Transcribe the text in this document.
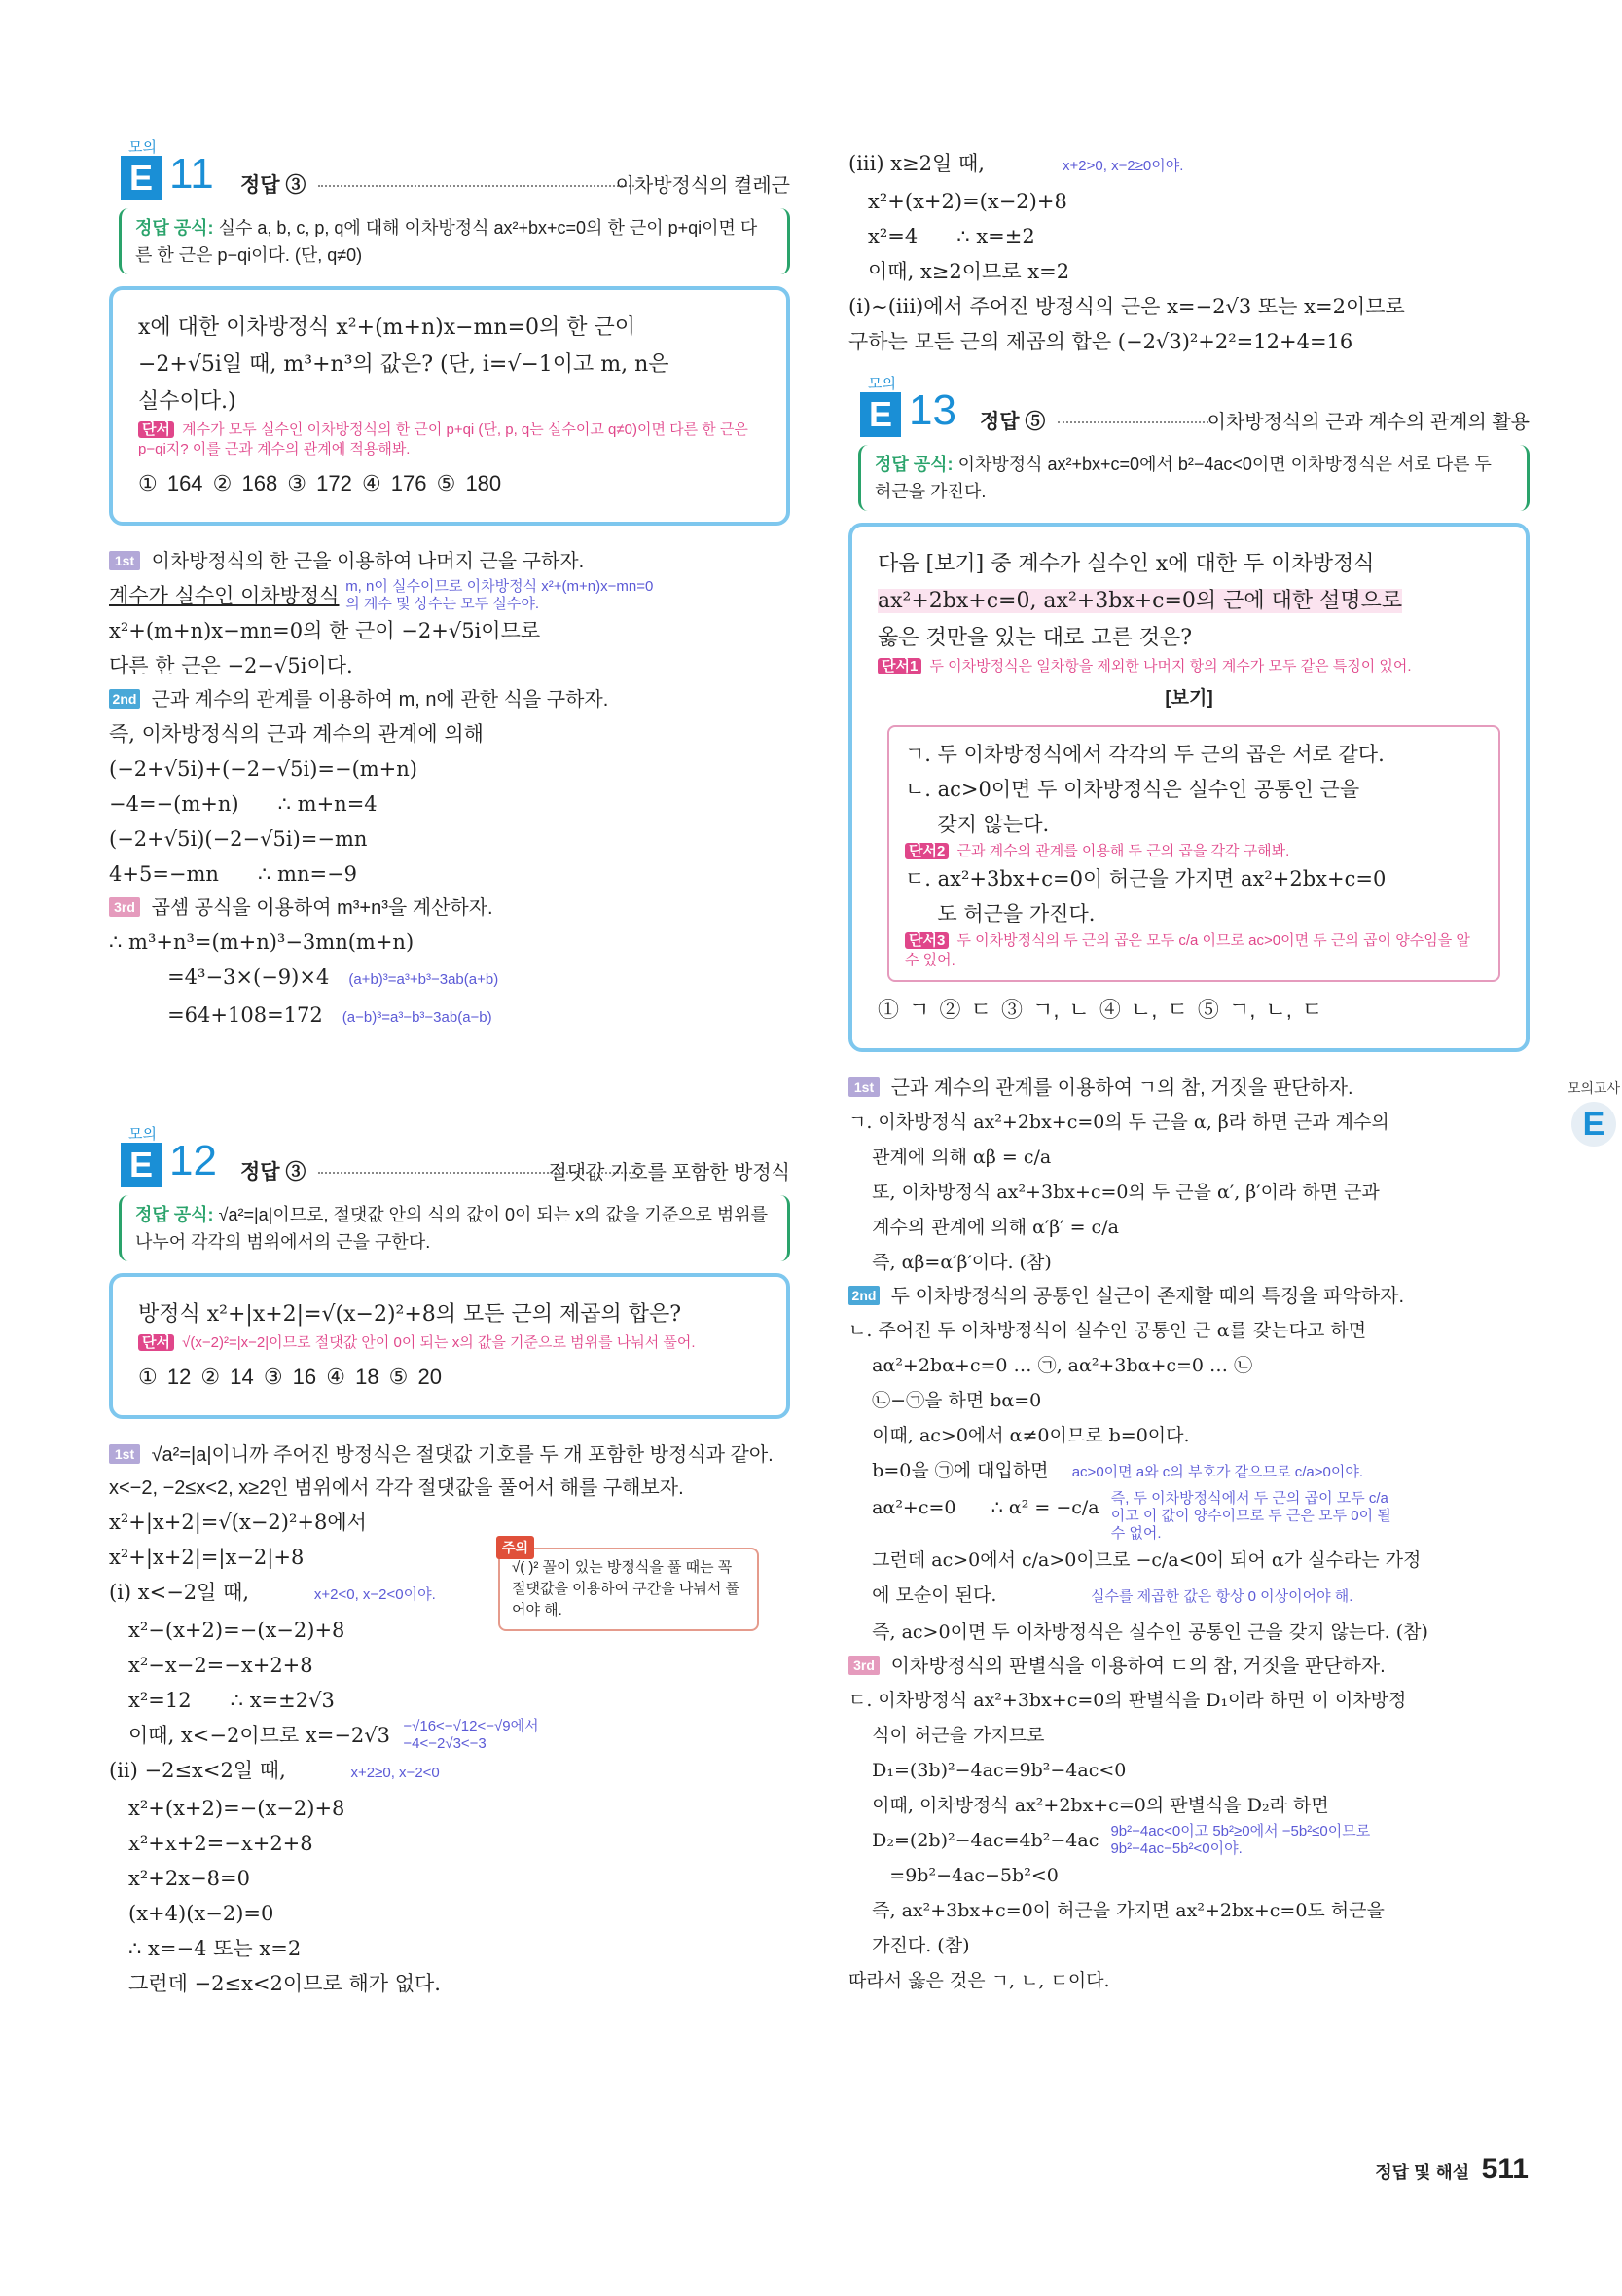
모의
E 11 정답 ③	이차방정식의 켤레근
정답 공식: 실수 a, b, c, p, q에 대해 이차방정식 ax²+bx+c=0의 한 근이 p+qi이면 다른 한 근은 p−qi이다. (단, q≠0)
x에 대한 이차방정식 x²+(m+n)x−mn=0의 한 근이
−2+√5i일 때, m³+n³의 값은? (단, i=√−1이고 m, n은
실수이다.)
단서 계수가 모두 실수인 이차방정식의 한 근이 p+qi (단, p, q는 실수이고 q≠0)이면 다른 한 근은 p−qi지? 이를 근과 계수의 관계에 적용해봐.
① 164 ② 168 ③ 172 ④ 176 ⑤ 180
1st 이차방정식의 한 근을 이용하여 나머지 근을 구하자.
계수가 실수인 이차방정식 m, n이 실수이므로 이차방정식 x²+(m+n)x−mn=0의 계수 및 상수는 모두 실수야.
x²+(m+n)x−mn=0의 한 근이 −2+√5i이므로
다른 한 근은 −2−√5i이다.
2nd 근과 계수의 관계를 이용하여 m, n에 관한 식을 구하자.
즉, 이차방정식의 근과 계수의 관계에 의해
(−2+√5i)+(−2−√5i)=−(m+n)
−4=−(m+n)      ∴ m+n=4
(−2+√5i)(−2−√5i)=−mn
4+5=−mn      ∴ mn=−9
3rd 곱셈 공식을 이용하여 m³+n³을 계산하자.
∴ m³+n³=(m+n)³−3mn(m+n)
=4³−3×(−9)×4 (a+b)³=a³+b³−3ab(a+b)
=64+108=172 (a−b)³=a³−b³−3ab(a−b)
모의
E 12 정답 ③	절댓값 기호를 포함한 방정식
정답 공식: √a²=|a|이므로, 절댓값 안의 식의 값이 0이 되는 x의 값을 기준으로 범위를 나누어 각각의 범위에서의 근을 구한다.
방정식 x²+|x+2|=√(x−2)²+8의 모든 근의 제곱의 합은?
단서 √(x−2)²=|x−2|이므로 절댓값 안이 0이 되는 x의 값을 기준으로 범위를 나눠서 풀어.
① 12 ② 14 ③ 16 ④ 18 ⑤ 20
1st √a²=|a|이니까 주어진 방정식은 절댓값 기호를 두 개 포함한 방정식과 같아. x<−2, −2≤x<2, x≥2인 범위에서 각각 절댓값을 풀어서 해를 구해보자.
주의
√( )² 꼴이 있는 방정식을 풀 때는 꼭 절댓값을 이용하여 구간을 나눠서 풀어야 해.
x²+|x+2|=√(x−2)²+8에서
x²+|x+2|=|x−2|+8
(i) x<−2일 때,	x+2<0, x−2<0이야.
x²−(x+2)=−(x−2)+8
x²−x−2=−x+2+8
x²=12      ∴ x=±2√3
이때, x<−2이므로 x=−2√3 −√16<−√12<−√9에서 −4<−2√3<−3
(ii) −2≤x<2일 때,	x+2≥0, x−2<0
x²+(x+2)=−(x−2)+8
x²+x+2=−x+2+8
x²+2x−8=0
(x+4)(x−2)=0
∴ x=−4 또는 x=2
그런데 −2≤x<2이므로 해가 없다.
(iii) x≥2일 때,	x+2>0, x−2≥0이야.
x²+(x+2)=(x−2)+8
x²=4      ∴ x=±2
이때, x≥2이므로 x=2
(i)∼(iii)에서 주어진 방정식의 근은 x=−2√3 또는 x=2이므로
구하는 모든 근의 제곱의 합은 (−2√3)²+2²=12+4=16
모의
E 13 정답 ⑤	이차방정식의 근과 계수의 관계의 활용
정답 공식: 이차방정식 ax²+bx+c=0에서 b²−4ac<0이면 이차방정식은 서로 다른 두 허근을 가진다.
다음 [보기] 중 계수가 실수인 x에 대한 두 이차방정식
ax²+2bx+c=0, ax²+3bx+c=0의 근에 대한 설명으로
옳은 것만을 있는 대로 고른 것은?
단서1 두 이차방정식은 일차항을 제외한 나머지 항의 계수가 모두 같은 특징이 있어.
[보기]
ㄱ. 두 이차방정식에서 각각의 두 근의 곱은 서로 같다.
ㄴ. ac>0이면 두 이차방정식은 실수인 공통인 근을
갖지 않는다.
단서2 근과 계수의 관계를 이용해 두 근의 곱을 각각 구해봐.
ㄷ. ax²+3bx+c=0이 허근을 가지면 ax²+2bx+c=0
도 허근을 가진다.
단서3 두 이차방정식의 두 근의 곱은 모두 c/a 이므로 ac>0이면 두 근의 곱이 양수임을 알 수 있어.
① ㄱ ② ㄷ ③ ㄱ, ㄴ ④ ㄴ, ㄷ ⑤ ㄱ, ㄴ, ㄷ
1st 근과 계수의 관계를 이용하여 ㄱ의 참, 거짓을 판단하자.
ㄱ. 이차방정식 ax²+2bx+c=0의 두 근을 α, β라 하면 근과 계수의
관계에 의해 αβ = c/a
또, 이차방정식 ax²+3bx+c=0의 두 근을 α′, β′이라 하면 근과
계수의 관계에 의해 α′β′ = c/a
즉, αβ=α′β′이다. (참)
2nd 두 이차방정식의 공통인 실근이 존재할 때의 특징을 파악하자.
ㄴ. 주어진 두 이차방정식이 실수인 공통인 근 α를 갖는다고 하면
aα²+2bα+c=0 … ㉠, aα²+3bα+c=0 … ㉡
㉡−㉠을 하면 bα=0
이때, ac>0에서 α≠0이므로 b=0이다.
b=0을 ㉠에 대입하면 ac>0이면 a와 c의 부호가 같으므로 c/a>0이야.
aα²+c=0      ∴ α² = −c/a 즉, 두 이차방정식에서 두 근의 곱이 모두 c/a이고 이 값이 양수이므로 두 근은 모두 0이 될 수 없어.
그런데 ac>0에서 c/a>0이므로 −c/a<0이 되어 α가 실수라는 가정
에 모순이 된다.	실수를 제곱한 값은 항상 0 이상이어야 해.
즉, ac>0이면 두 이차방정식은 실수인 공통인 근을 갖지 않는다. (참)
3rd 이차방정식의 판별식을 이용하여 ㄷ의 참, 거짓을 판단하자.
ㄷ. 이차방정식 ax²+3bx+c=0의 판별식을 D₁이라 하면 이 이차방정
식이 허근을 가지므로
D₁=(3b)²−4ac=9b²−4ac<0
이때, 이차방정식 ax²+2bx+c=0의 판별식을 D₂라 하면
D₂=(2b)²−4ac=4b²−4ac 9b²−4ac<0이고 5b²≥0에서 −5b²≤0이므로 9b²−4ac−5b²<0이야.
=9b²−4ac−5b²<0
즉, ax²+3bx+c=0이 허근을 가지면 ax²+2bx+c=0도 허근을
가진다. (참)
따라서 옳은 것은 ㄱ, ㄴ, ㄷ이다.
모의고사
E
정답 및 해설 511
